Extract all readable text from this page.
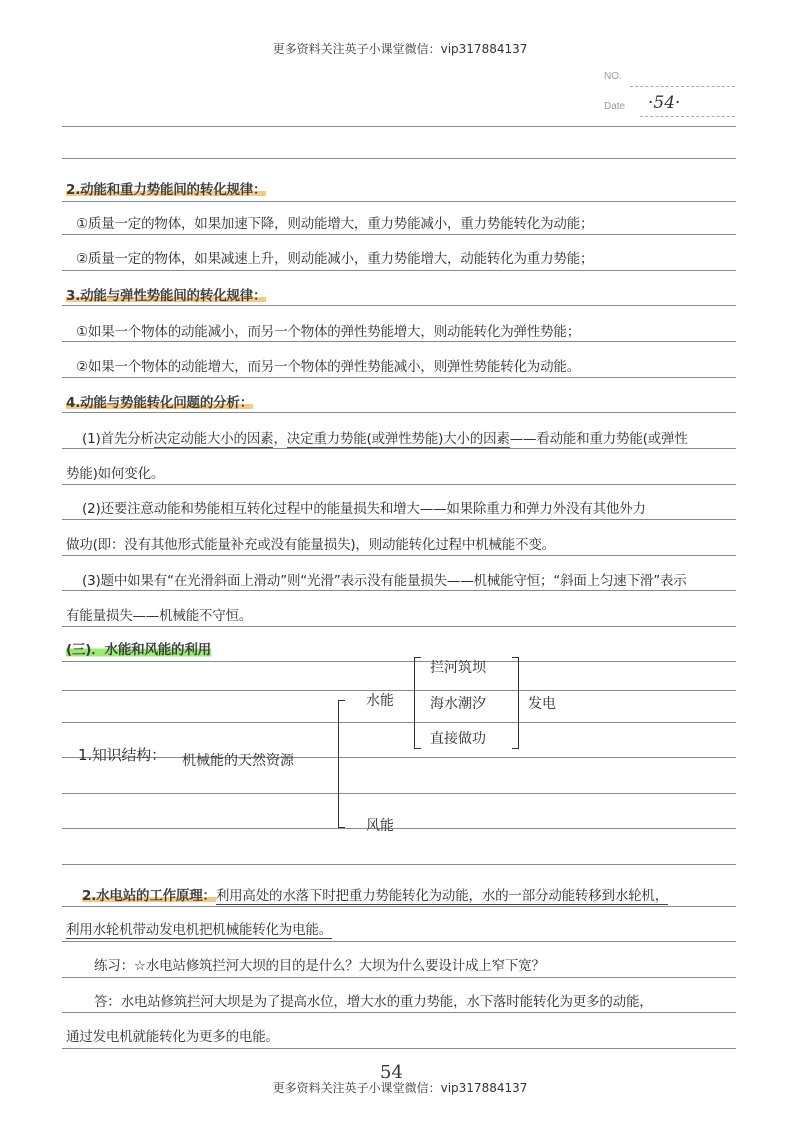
更多资料关注英子小课堂微信：vip317884137
NO.
Date ·54·
2.动能和重力势能间的转化规律：
①质量一定的物体，如果加速下降，则动能增大，重力势能减小，重力势能转化为动能；
②质量一定的物体，如果减速上升，则动能减小，重力势能增大，动能转化为重力势能；
3.动能与弹性势能间的转化规律：
①如果一个物体的动能减小，而另一个物体的弹性势能增大，则动能转化为弹性势能；
②如果一个物体的动能增大，而另一个物体的弹性势能减小，则弹性势能转化为动能。
4.动能与势能转化问题的分析：
(1)首先分析决定动能大小的因素，决定重力势能(或弹性势能)大小的因素——看动能和重力势能(或弹性
势能)如何变化。
(2)还要注意动能和势能相互转化过程中的能量损失和增大——如果除重力和弹力外没有其他外力
做功(即：没有其他形式能量补充或没有能量损失)，则动能转化过程中机械能不变。
(3)题中如果有“在光滑斜面上滑动”则“光滑”表示没有能量损失——机械能守恒；“斜面上匀速下滑”表示
有能量损失——机械能不守恒。
(三)．水能和风能的利用
1.知识结构： 机械能的天然资源
水能
风能
拦河筑坝
海水潮汐
直接做功
发电
2.水电站的工作原理：利用高处的水落下时把重力势能转化为动能，水的一部分动能转移到水轮机，
利用水轮机带动发电机把机械能转化为电能。
练习：☆水电站修筑拦河大坝的目的是什么？大坝为什么要设计成上窄下宽？
答：水电站修筑拦河大坝是为了提高水位，增大水的重力势能，水下落时能转化为更多的动能，
通过发电机就能转化为更多的电能。
54
更多资料关注英子小课堂微信：vip317884137
